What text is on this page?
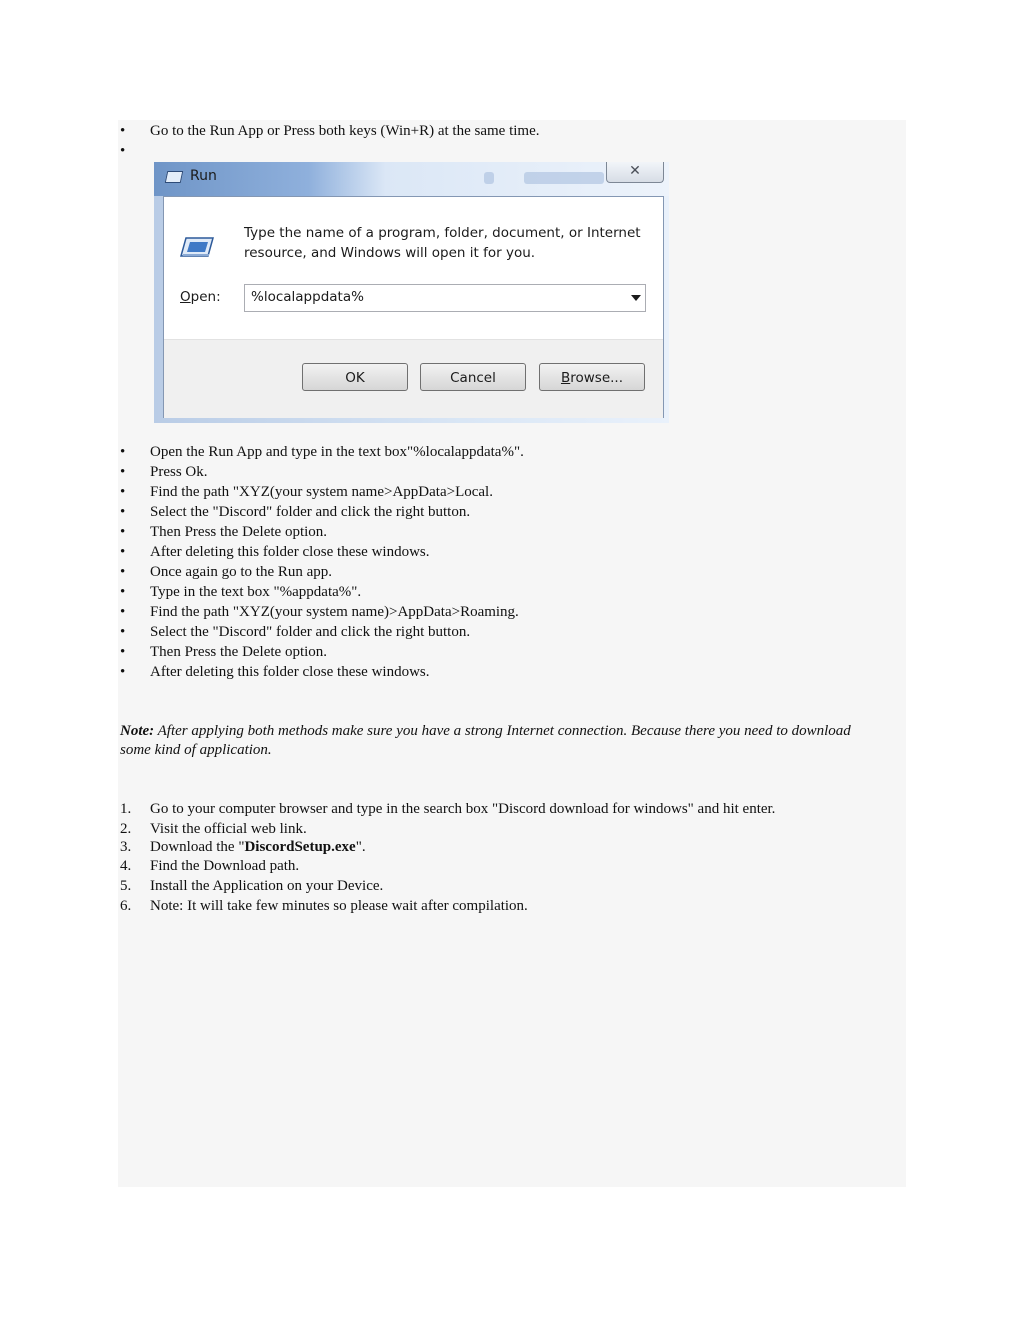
•	Go to the Run App or Press both keys (Win+R) at the same time.
•
Run	✕
Type the name of a program, folder, document, or Internet
resource, and Windows will open it for you.
Open: %localappdata%
OK	Cancel	Browse...
•	Open the Run App and type in the text box"%localappdata%".
•	Press Ok.
•	Find the path "XYZ(your system name>AppData>Local.
•	Select the "Discord" folder and click the right button.
•	Then Press the Delete option.
•	After deleting this folder close these windows.
•	Once again go to the Run app.
•	Type in the text box "%appdata%".
•	Find the path "XYZ(your system name)>AppData>Roaming.
•	Select the "Discord" folder and click the right button.
•	Then Press the Delete option.
•	After deleting this folder close these windows.
Note: After applying both methods make sure you have a strong Internet connection. Because there you need to download some kind of application.
1. Go to your computer browser and type in the search box "Discord download for windows" and hit enter.
2. Visit the official web link.
3. Download the "DiscordSetup.exe".
4. Find the Download path.
5. Install the Application on your Device.
6. Note: It will take few minutes so please wait after compilation.
